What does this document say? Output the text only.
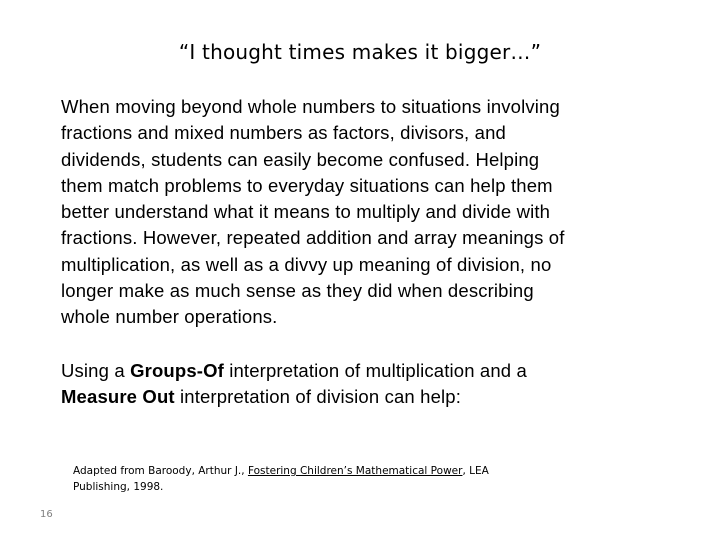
“I thought times makes it bigger…”
When moving beyond whole numbers to situations involving
fractions and mixed numbers as factors, divisors, and
dividends, students can easily become confused. Helping
them match problems to everyday situations can help them
better understand what it means to multiply and divide with
fractions. However, repeated addition and array meanings of
multiplication, as well as a divvy up meaning of division, no
longer make as much sense as they did when describing
whole number operations.
Using a Groups-Of interpretation of multiplication and a
Measure Out interpretation of division can help:
Adapted from Baroody, Arthur J., Fostering Children’s Mathematical Power, LEA
Publishing, 1998.
16
